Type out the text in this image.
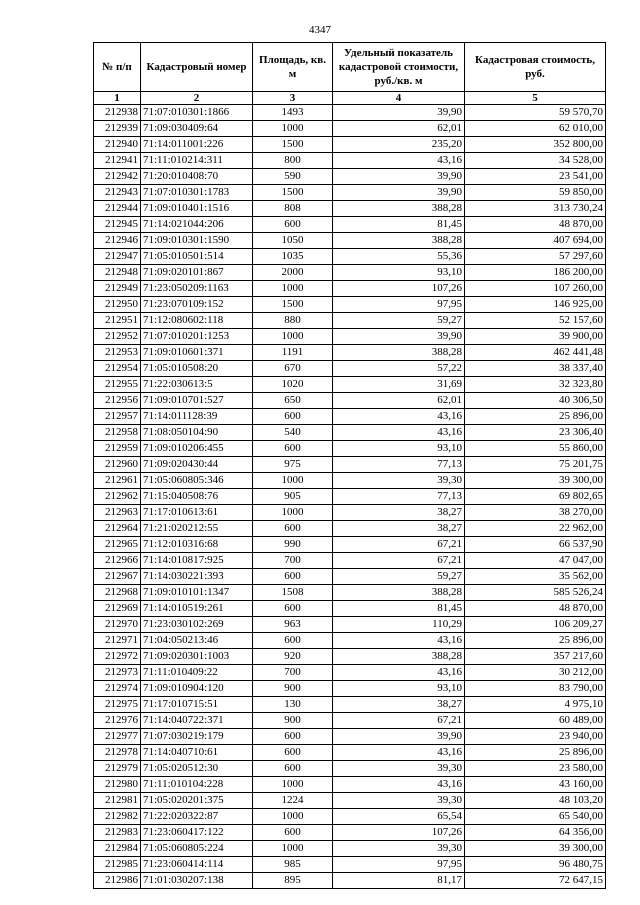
4347
№ п/п	Кадастровый номер	Площадь, кв. м	Удельный показатель кадастровой стоимости, руб./кв. м	Кадастровая стоимость, руб.
1	2	3	4	5
212938	71:07:010301:1866	1493	39,90	59 570,70
212939	71:09:030409:64	1000	62,01	62 010,00
212940	71:14:011001:226	1500	235,20	352 800,00
212941	71:11:010214:311	800	43,16	34 528,00
212942	71:20:010408:70	590	39,90	23 541,00
212943	71:07:010301:1783	1500	39,90	59 850,00
212944	71:09:010401:1516	808	388,28	313 730,24
212945	71:14:021044:206	600	81,45	48 870,00
212946	71:09:010301:1590	1050	388,28	407 694,00
212947	71:05:010501:514	1035	55,36	57 297,60
212948	71:09:020101:867	2000	93,10	186 200,00
212949	71:23:050209:1163	1000	107,26	107 260,00
212950	71:23:070109:152	1500	97,95	146 925,00
212951	71:12:080602:118	880	59,27	52 157,60
212952	71:07:010201:1253	1000	39,90	39 900,00
212953	71:09:010601:371	1191	388,28	462 441,48
212954	71:05:010508:20	670	57,22	38 337,40
212955	71:22:030613:5	1020	31,69	32 323,80
212956	71:09:010701:527	650	62,01	40 306,50
212957	71:14:011128:39	600	43,16	25 896,00
212958	71:08:050104:90	540	43,16	23 306,40
212959	71:09:010206:455	600	93,10	55 860,00
212960	71:09:020430:44	975	77,13	75 201,75
212961	71:05:060805:346	1000	39,30	39 300,00
212962	71:15:040508:76	905	77,13	69 802,65
212963	71:17:010613:61	1000	38,27	38 270,00
212964	71:21:020212:55	600	38,27	22 962,00
212965	71:12:010316:68	990	67,21	66 537,90
212966	71:14:010817:925	700	67,21	47 047,00
212967	71:14:030221:393	600	59,27	35 562,00
212968	71:09:010101:1347	1508	388,28	585 526,24
212969	71:14:010519:261	600	81,45	48 870,00
212970	71:23:030102:269	963	110,29	106 209,27
212971	71:04:050213:46	600	43,16	25 896,00
212972	71:09:020301:1003	920	388,28	357 217,60
212973	71:11:010409:22	700	43,16	30 212,00
212974	71:09:010904:120	900	93,10	83 790,00
212975	71:17:010715:51	130	38,27	4 975,10
212976	71:14:040722:371	900	67,21	60 489,00
212977	71:07:030219:179	600	39,90	23 940,00
212978	71:14:040710:61	600	43,16	25 896,00
212979	71:05:020512:30	600	39,30	23 580,00
212980	71:11:010104:228	1000	43,16	43 160,00
212981	71:05:020201:375	1224	39,30	48 103,20
212982	71:22:020322:87	1000	65,54	65 540,00
212983	71:23:060417:122	600	107,26	64 356,00
212984	71:05:060805:224	1000	39,30	39 300,00
212985	71:23:060414:114	985	97,95	96 480,75
212986	71:01:030207:138	895	81,17	72 647,15
